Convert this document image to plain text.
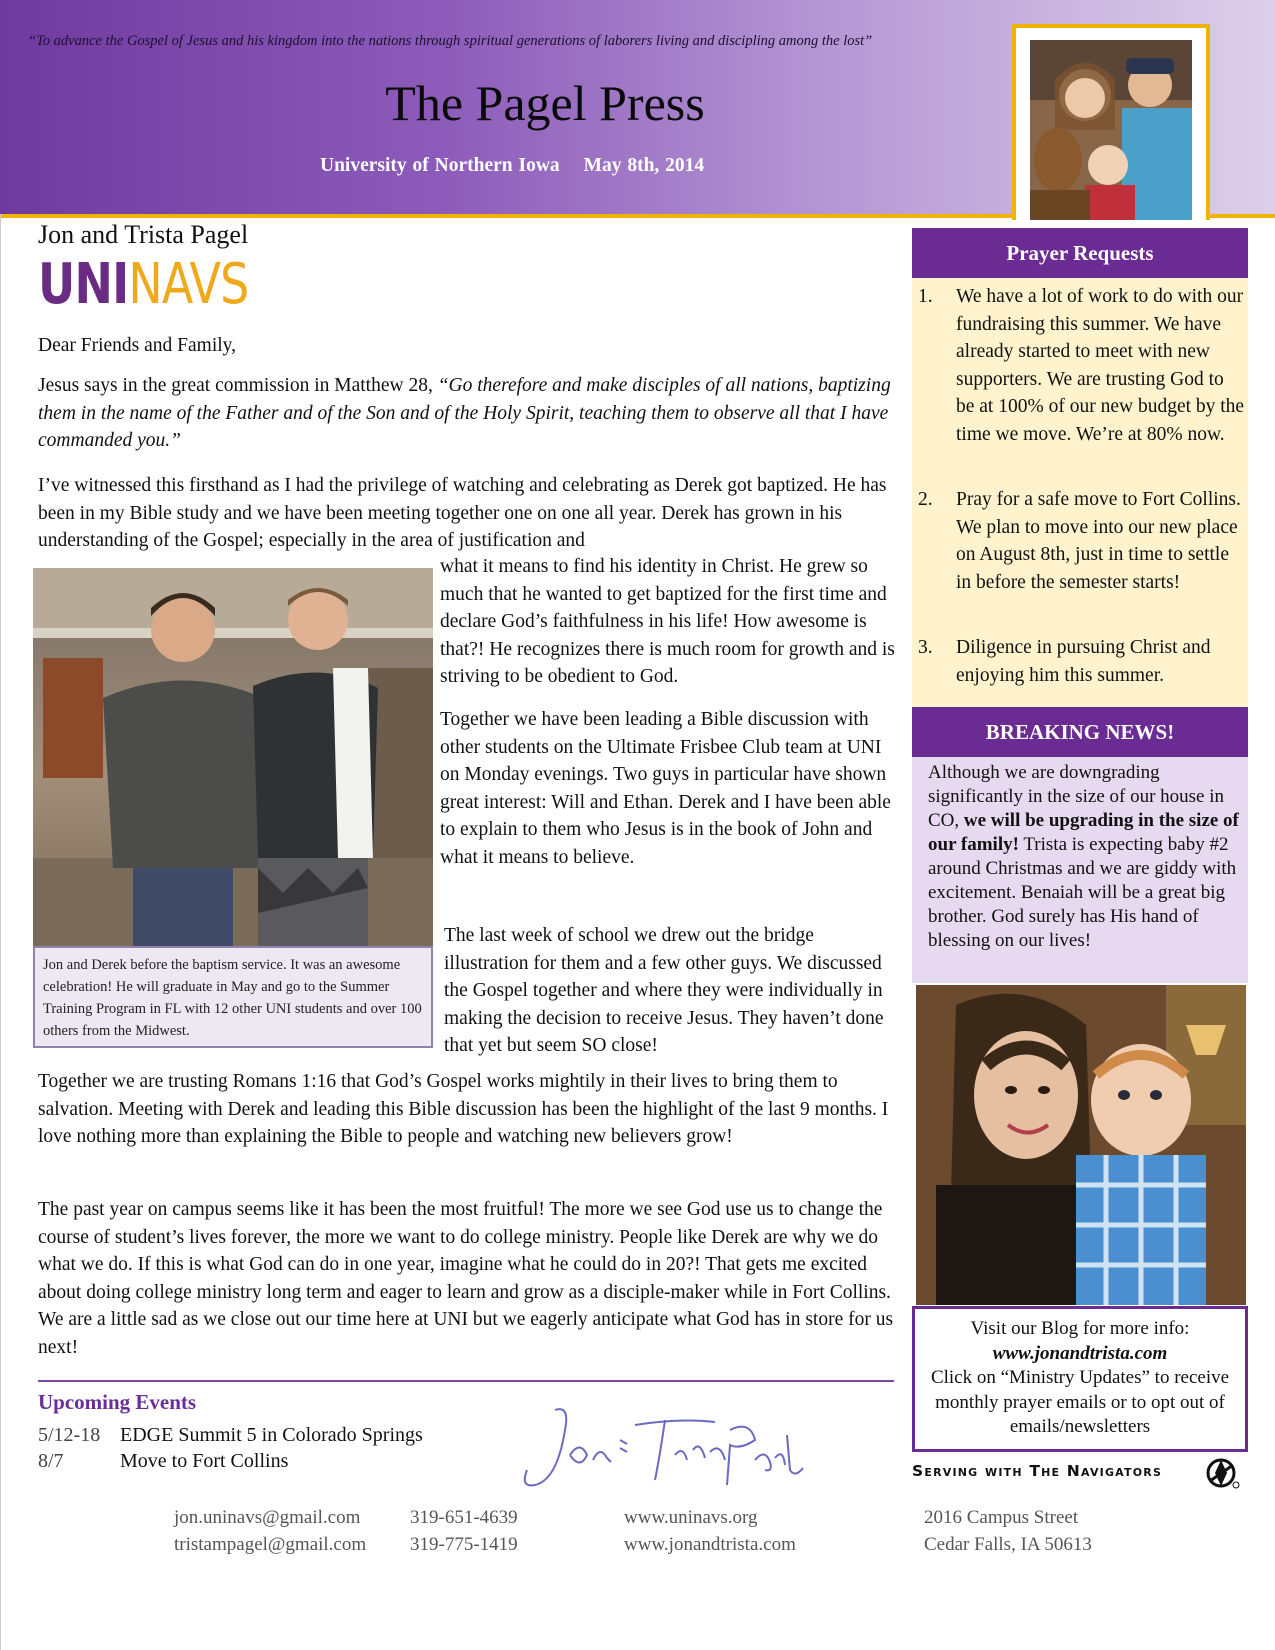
“To advance the Gospel of Jesus and his kingdom into the nations through spiritual generations of laborers living and discipling among the lost”
The Pagel Press
University of Northern Iowa May 8th, 2014
Jon and Trista Pagel
UNINAVS
Dear Friends and Family,
Jesus says in the great commission in Matthew 28, “Go therefore and make disciples of all nations, baptizing them in the name of the Father and of the Son and of the Holy Spirit, teaching them to observe all that I have commanded you.”
I’ve witnessed this firsthand as I had the privilege of watching and celebrating as Derek got baptized. He has been in my Bible study and we have been meeting together one on one all year. Derek has grown in his understanding of the Gospel; especially in the area of justification and
Jon and Derek before the baptism service. It was an awesome celebration! He will graduate in May and go to the Summer Training Program in FL with 12 other UNI students and over 100 others from the Midwest.
what it means to find his identity in Christ. He grew so much that he wanted to get baptized for the first time and declare God’s faithfulness in his life! How awesome is that?! He recognizes there is much room for growth and is striving to be obedient to God.
Together we have been leading a Bible discussion with other students on the Ultimate Frisbee Club team at UNI on Monday evenings. Two guys in particular have shown great interest: Will and Ethan. Derek and I have been able to explain to them who Jesus is in the book of John and what it means to believe.
The last week of school we drew out the bridge illustration for them and a few other guys. We discussed the Gospel together and where they were individually in making the decision to receive Jesus. They haven’t done that yet but seem SO close!
Together we are trusting Romans 1:16 that God’s Gospel works mightily in their lives to bring them to salvation. Meeting with Derek and leading this Bible discussion has been the highlight of the last 9 months. I love nothing more than explaining the Bible to people and watching new believers grow!
The past year on campus seems like it has been the most fruitful! The more we see God use us to change the course of student’s lives forever, the more we want to do college ministry. People like Derek are why we do what we do. If this is what God can do in one year, imagine what he could do in 20?! That gets me excited about doing college ministry long term and eager to learn and grow as a disciple-maker while in Fort Collins. We are a little sad as we close out our time here at UNI but we eagerly anticipate what God has in store for us next!
Upcoming Events
5/12-18 EDGE Summit 5 in Colorado Springs
8/7	Move to Fort Collins
jon.uninavs@gmail.com
tristampagel@gmail.com
319-651-4639
319-775-1419
www.uninavs.org
www.jonandtrista.com
2016 Campus Street
Cedar Falls, IA 50613
Prayer Requests
1. We have a lot of work to do with our fundraising this summer. We have already started to meet with new supporters. We are trusting God to be at 100% of our new budget by the time we move. We’re at 80% now.
2. Pray for a safe move to Fort Collins. We plan to move into our new place on August 8th, just in time to settle in before the semester starts!
3. Diligence in pursuing Christ and enjoying him this summer.
BREAKING NEWS!
Although we are downgrading significantly in the size of our house in CO, we will be upgrading in the size of our family! Trista is expecting baby #2 around Christmas and we are giddy with excitement. Benaiah will be a great big brother. God surely has His hand of blessing on our lives!
Visit our Blog for more info:
www.jonandtrista.com
Click on “Ministry Updates” to receive monthly prayer emails or to opt out of emails/newsletters
Serving with The Navigators
